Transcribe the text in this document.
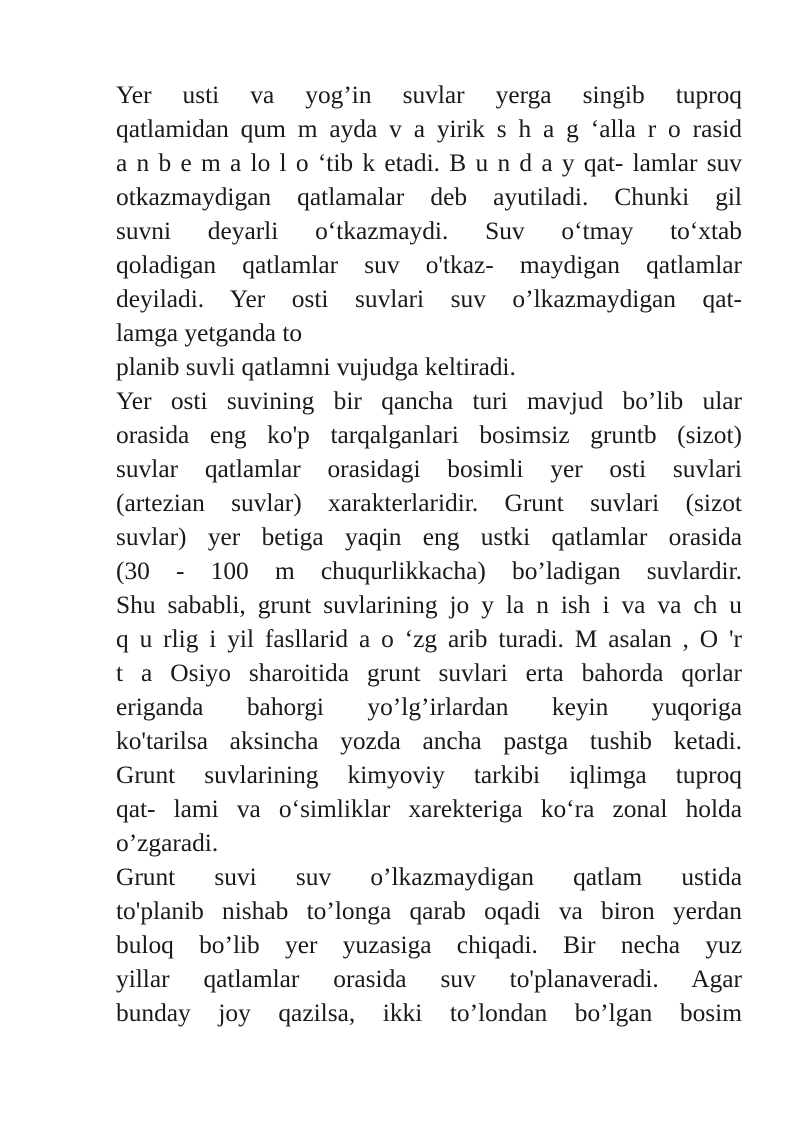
Yer usti va yog’in suvlar yerga singib tuproq
qatlamidan qum m ayda v a yirik s h a g ‘alla r o rasid
a n b e m a lo l o ‘tib k etadi. B u n d a y qat- lamlar suv
otkazmaydigan qatlamalar deb ayutiladi. Chunki gil
suvni deyarli o‘tkazmaydi. Suv o‘tmay to‘xtab
qoladigan qatlamlar suv o'tkaz- maydigan qatlamlar
deyiladi. Yer osti suvlari suv o’lkazmaydigan qat-
lamga yetganda to
planib suvli qatlamni vujudga keltiradi.
Yer osti suvining bir qancha turi mavjud bo’lib ular
orasida eng ko'p tarqalganlari bosimsiz gruntb (sizot)
suvlar qatlamlar orasidagi bosimli yer osti suvlari
(artezian suvlar) xarakterlaridir. Grunt suvlari (sizot
suvlar) yer betiga yaqin eng ustki qatlamlar orasida
(30 - 100 m chuqurlikkacha) bo’ladigan suvlardir.
Shu sababli, grunt suvlarining jo y la n ish i va va ch u
q u rlig i yil fasllarid a o ‘zg arib turadi. M asalan , O 'r
t a Osiyo sharoitida grunt suvlari erta bahorda qorlar
eriganda bahorgi yo’lg’irlardan keyin yuqoriga
ko'tarilsa aksincha yozda ancha pastga tushib ketadi.
Grunt suvlarining kimyoviy tarkibi iqlimga tuproq
qat- lami va o‘simliklar xarekteriga ko‘ra zonal holda
o’zgaradi.
Grunt suvi suv o’lkazmaydigan qatlam ustida
to'planib nishab to’longa qarab oqadi va biron yerdan
buloq bo’lib yer yuzasiga chiqadi. Bir necha yuz
yillar qatlamlar orasida suv to'planaveradi. Agar
bunday joy qazilsa, ikki to’londan bo’lgan bosim
